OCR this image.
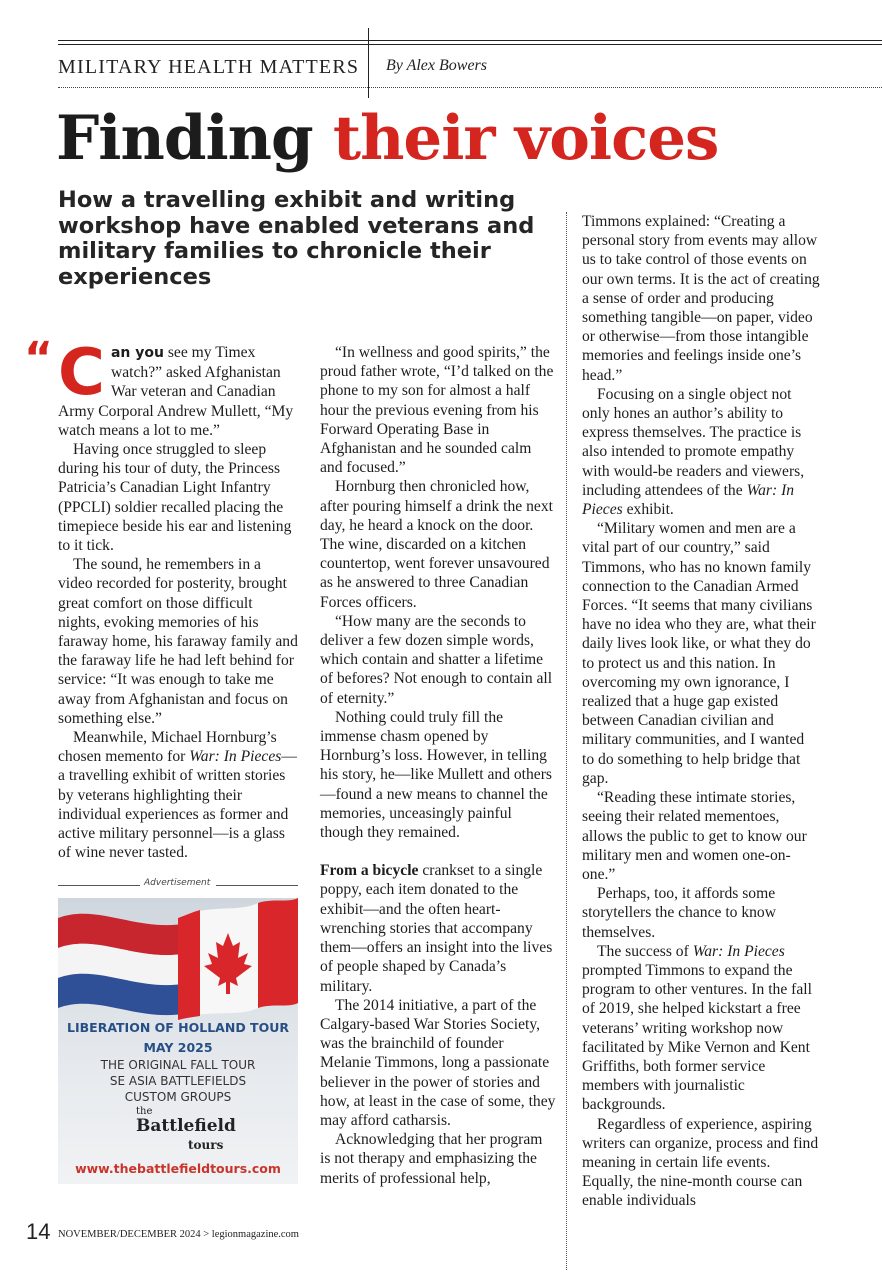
MILITARY HEALTH MATTERS By Alex Bowers
Finding their voices
How a travelling exhibit and writing workshop have enabled veterans and military families to chronicle their experiences
“ Can you see my Timex watch?” asked Afghanistan War veteran and Canadian Army Corporal Andrew Mullett, “My watch means a lot to me.”

Having once struggled to sleep during his tour of duty, the Princess Patricia’s Canadian Light Infantry (PPCLI) soldier recalled placing the timepiece beside his ear and listening to it tick.

The sound, he remembers in a video recorded for posterity, brought great comfort on those difficult nights, evoking memories of his faraway home, his faraway family and the faraway life he had left behind for service: “It was enough to take me away from Afghanistan and focus on something else.”

Meanwhile, Michael Hornburg’s chosen memento for War: In Pieces—a travelling exhibit of written stories by veterans highlighting their individual experiences as former and active military personnel—is a glass of wine never tasted.

Advertisement
LIBERATION OF HOLLAND TOUR
MAY 2025
THE ORIGINAL FALL TOUR
SE ASIA BATTLEFIELDS
CUSTOM GROUPS
the
Battlefield
tours
www.thebattlefieldtours.com

“In wellness and good spirits,” the proud father wrote, “I’d talked on the phone to my son for almost a half hour the previous evening from his Forward Operating Base in Afghanistan and he sounded calm and focused.”

Hornburg then chronicled how, after pouring himself a drink the next day, he heard a knock on the door. The wine, discarded on a kitchen countertop, went forever unsavoured as he answered to three Canadian Forces officers.

“How many are the seconds to deliver a few dozen simple words, which contain and shatter a lifetime of befores? Not enough to contain all of eternity.”

Nothing could truly fill the immense chasm opened by Hornburg’s loss. However, in telling his story, he—like Mullett and others—found a new means to channel the memories, unceasingly painful though they remained.

From a bicycle crankset to a single poppy, each item donated to the exhibit—and the often heart-wrenching stories that accompany them—offers an insight into the lives of people shaped by Canada’s military.

The 2014 initiative, a part of the Calgary-based War Stories Society, was the brainchild of founder Melanie Timmons, long a passionate believer in the power of stories and how, at least in the case of some, they may afford catharsis.

Acknowledging that her program is not therapy and emphasizing the merits of professional help,

Timmons explained: “Creating a personal story from events may allow us to take control of those events on our own terms. It is the act of creating a sense of order and producing something tangible—on paper, video or otherwise—from those intangible memories and feelings inside one’s head.”

Focusing on a single object not only hones an author’s ability to express themselves. The practice is also intended to promote empathy with would-be readers and viewers, including attendees of the War: In Pieces exhibit.

“Military women and men are a vital part of our country,” said Timmons, who has no known family connection to the Canadian Armed Forces. “It seems that many civilians have no idea who they are, what their daily lives look like, or what they do to protect us and this nation. In overcoming my own ignorance, I realized that a huge gap existed between Canadian civilian and military communities, and I wanted to do something to help bridge that gap.

“Reading these intimate stories, seeing their related mementoes, allows the public to get to know our military men and women one-on-one.”

Perhaps, too, it affords some storytellers the chance to know themselves.

The success of War: In Pieces prompted Timmons to expand the program to other ventures. In the fall of 2019, she helped kickstart a free veterans’ writing workshop now facilitated by Mike Vernon and Kent Griffiths, both former service members with journalistic backgrounds.

Regardless of experience, aspiring writers can organize, process and find meaning in certain life events. Equally, the nine-month course can enable individuals

14 NOVEMBER/DECEMBER 2024 > legionmagazine.com
